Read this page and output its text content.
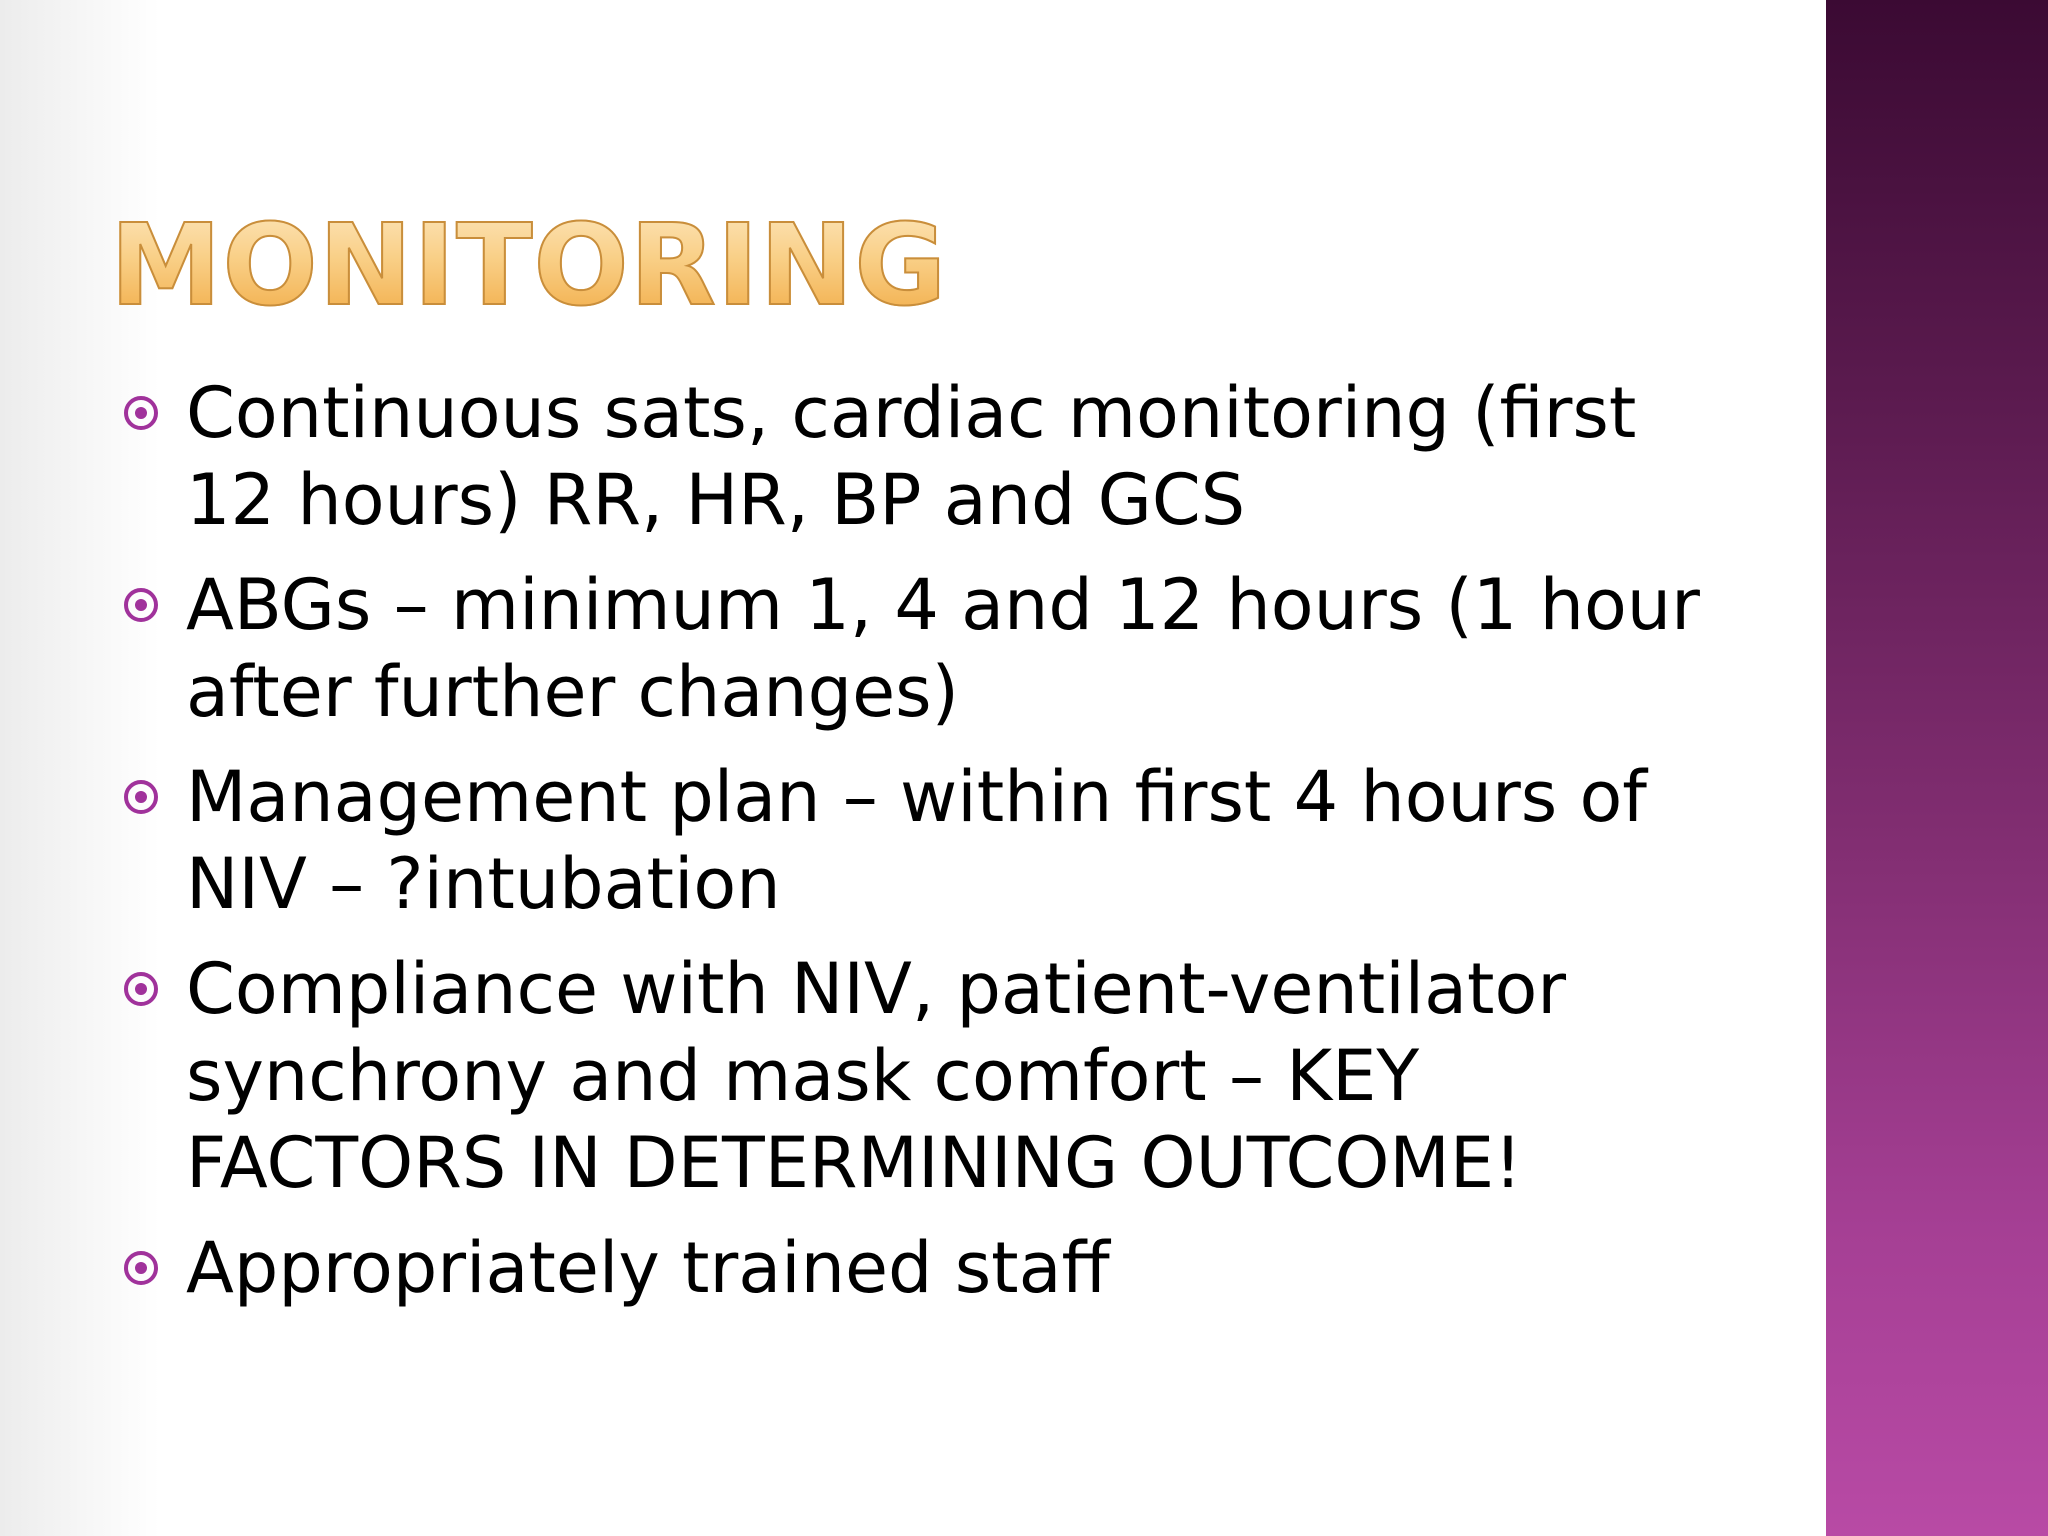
MONITORING
Continuous sats, cardiac monitoring (first 12 hours) RR, HR, BP and GCS
ABGs – minimum 1, 4 and 12 hours (1 hour after further changes)
Management plan – within first 4 hours of NIV – ?intubation
Compliance with NIV, patient-ventilator synchrony and mask comfort – KEY FACTORS IN DETERMINING OUTCOME!
Appropriately trained staff
